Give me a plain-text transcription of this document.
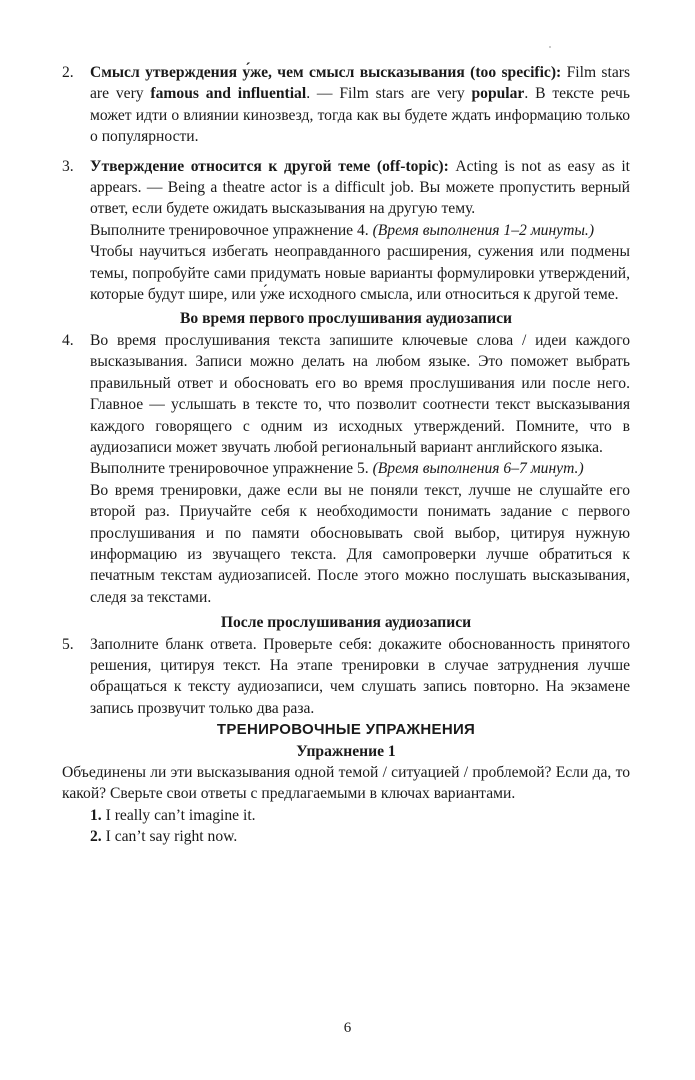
2. Смысл утверждения у́же, чем смысл высказывания (too specific): Film stars are very famous and influential. — Film stars are very popular. В тексте речь может идти о влиянии кинозвезд, тогда как вы будете ждать информацию только о популярности.

3. Утверждение относится к другой теме (off-topic): Acting is not as easy as it appears. — Being a theatre actor is a difficult job. Вы можете пропустить верный ответ, если будете ожидать высказывания на другую тему.

Выполните тренировочное упражнение 4. (Время выполнения 1–2 минуты.)

Чтобы научиться избегать неоправданного расширения, сужения или подмены темы, попробуйте сами придумать новые варианты формулировки утверждений, которые будут шире, или у́же исходного смысла, или относиться к другой теме.

Во время первого прослушивания аудиозаписи

4. Во время прослушивания текста запишите ключевые слова / идеи каждого высказывания. Записи можно делать на любом языке. Это поможет выбрать правильный ответ и обосновать его во время прослушивания или после него. Главное — услышать в тексте то, что позволит соотнести текст высказывания каждого говорящего с одним из исходных утверждений. Помните, что в аудиозаписи может звучать любой региональный вариант английского языка.

Выполните тренировочное упражнение 5. (Время выполнения 6–7 минут.)

Во время тренировки, даже если вы не поняли текст, лучше не слушайте его второй раз. Приучайте себя к необходимости понимать задание с первого прослушивания и по памяти обосновывать свой выбор, цитируя нужную информацию из звучащего текста. Для самопроверки лучше обратиться к печатным текстам аудиозаписей. После этого можно послушать высказывания, следя за текстами.

После прослушивания аудиозаписи

5. Заполните бланк ответа. Проверьте себя: докажите обоснованность принятого решения, цитируя текст. На этапе тренировки в случае затруднения лучше обращаться к тексту аудиозаписи, чем слушать запись повторно. На экзамене запись прозвучит только два раза.

ТРЕНИРОВОЧНЫЕ УПРАЖНЕНИЯ

Упражнение 1

Объединены ли эти высказывания одной темой / ситуацией / проблемой? Если да, то какой? Сверьте свои ответы с предлагаемыми в ключах вариантами.

1. I really can’t imagine it.

2. I can’t say right now.

6
